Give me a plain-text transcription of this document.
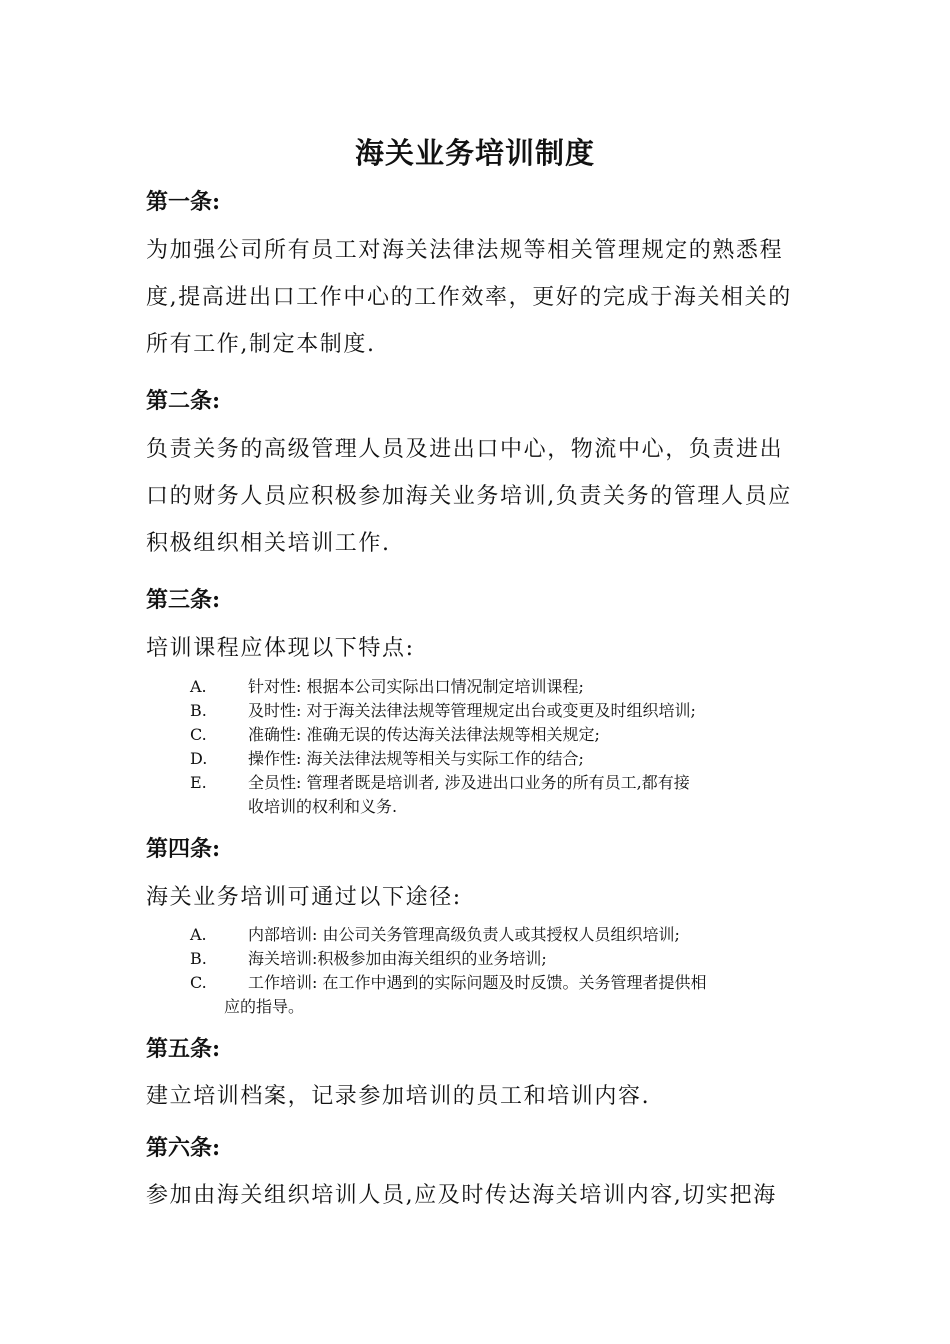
海关业务培训制度
第一条:
为加强公司所有员工对海关法律法规等相关管理规定的熟悉程
度,提高进出口工作中心的工作效率，更好的完成于海关相关的
所有工作,制定本制度.
第二条:
负责关务的高级管理人员及进出口中心，物流中心，负责进出
口的财务人员应积极参加海关业务培训,负责关务的管理人员应
积极组织相关培训工作.
第三条:
培训课程应体现以下特点:
A.	针对性: 根据本公司实际出口情况制定培训课程;
B.	及时性: 对于海关法律法规等管理规定出台或变更及时组织培训;
C.	准确性: 准确无误的传达海关法律法规等相关规定;
D.	操作性: 海关法律法规等相关与实际工作的结合;
E.	全员性: 管理者既是培训者, 涉及进出口业务的所有员工,都有接
收培训的权利和义务.
第四条:
海关业务培训可通过以下途径:
A.	内部培训: 由公司关务管理高级负责人或其授权人员组织培训;
B.	海关培训:积极参加由海关组织的业务培训;
C.	工作培训: 在工作中遇到的实际问题及时反馈。关务管理者提供相
应的指导。
第五条:
建立培训档案，记录参加培训的员工和培训内容.
第六条:
参加由海关组织培训人员,应及时传达海关培训内容,切实把海
